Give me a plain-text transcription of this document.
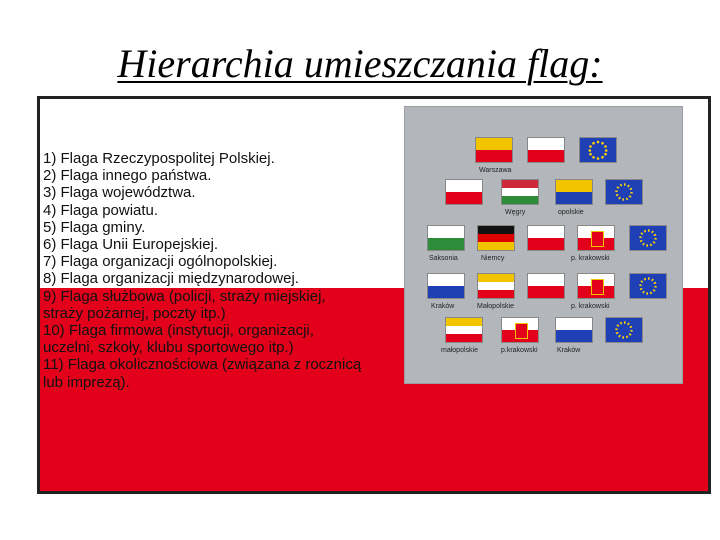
Hierarchia umieszczania flag:
1) Flaga Rzeczypospolitej Polskiej.
2) Flaga innego państwa.
3) Flaga województwa.
4) Flaga powiatu.
5) Flaga gminy.
6) Flaga Unii Europejskiej.
7) Flaga organizacji ogólnopolskiej.
8) Flaga organizacji międzynarodowej.
9) Flaga służbowa (policji, straży miejskiej, straży pożarnej, poczty itp.)
10) Flaga firmowa (instytucji, organizacji, uczelni, szkoły, klubu sportowego itp.)
11) Flaga okolicznościowa (związana z rocznicą lub imprezą).
Warszawa
Węgry	opolskie
Saksonia	Niemcy	p. krakowski
Kraków	Małopolskie	p. krakowski
małopolskie	p.krakowski	Kraków
